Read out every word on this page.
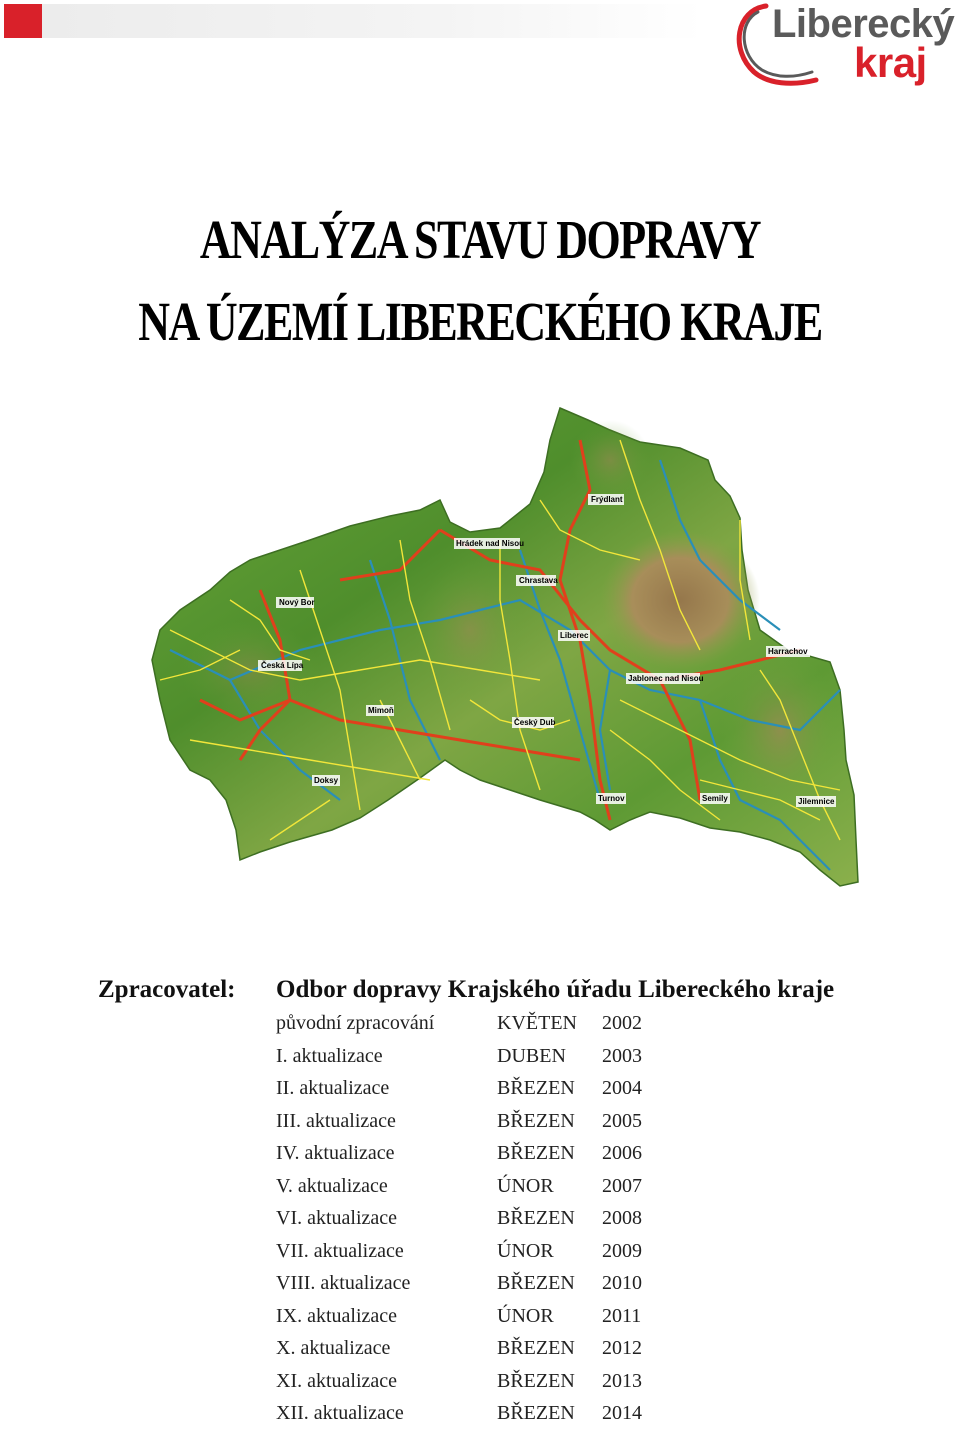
Liberecký
kraj
ANALÝZA STAVU DOPRAVY
NA ÚZEMÍ LIBERECKÉHO KRAJE
Frýdlant
Hrádek nad Nisou
Chrastava
Nový Bor
Liberec
Harrachov
Česká Lípa
Jablonec nad Nisou
Mimoň
Český Dub
Doksy
Turnov	Semily	Jilemnice
Zpracovatel: Odbor dopravy Krajského úřadu Libereckého kraje
původní zpracování	KVĚTEN 2002
I. aktualizace	DUBEN 2003
II. aktualizace	BŘEZEN 2004
III. aktualizace	BŘEZEN 2005
IV. aktualizace	BŘEZEN 2006
V. aktualizace	ÚNOR 2007
VI. aktualizace	BŘEZEN 2008
VII. aktualizace	ÚNOR 2009
VIII. aktualizace	BŘEZEN 2010
IX. aktualizace	ÚNOR 2011
X. aktualizace	BŘEZEN 2012
XI. aktualizace	BŘEZEN 2013
XII. aktualizace	BŘEZEN 2014
